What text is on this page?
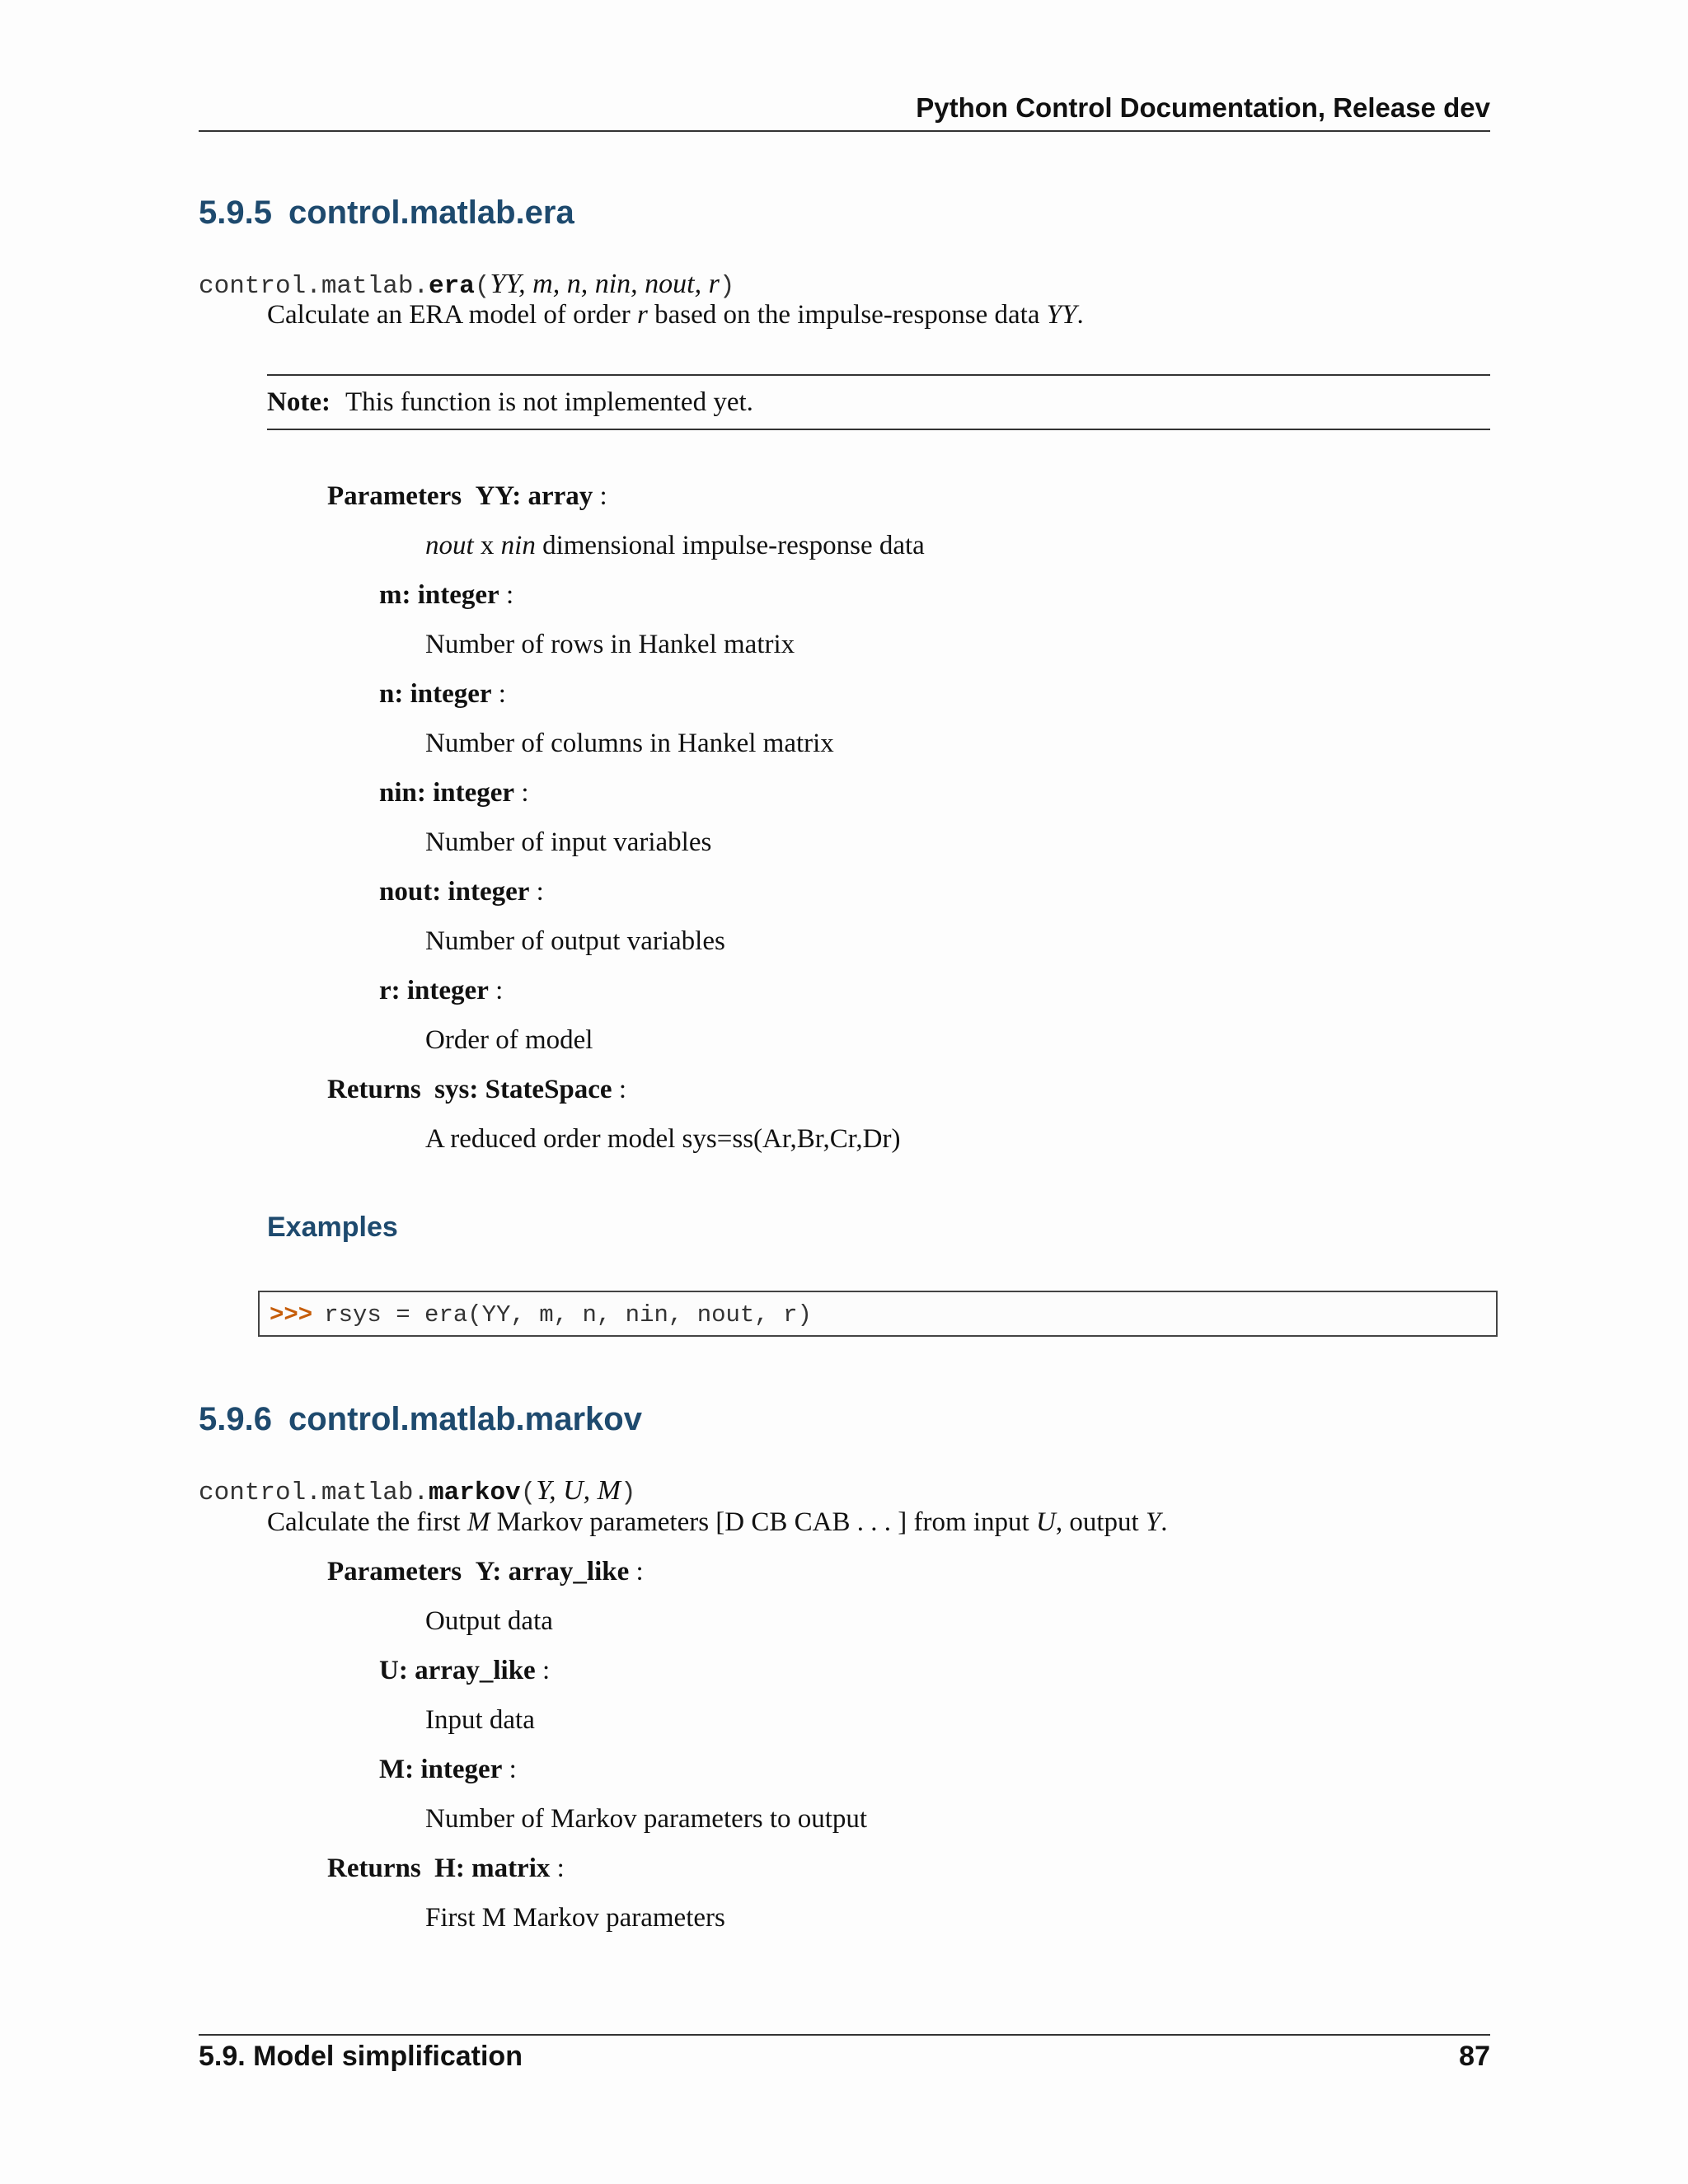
Python Control Documentation, Release dev
5.9.5 control.matlab.era
control.matlab.era(YY, m, n, nin, nout, r)
Calculate an ERA model of order r based on the impulse-response data YY.
Note: This function is not implemented yet.
Parameters YY: array :
nout x nin dimensional impulse-response data
m: integer :
Number of rows in Hankel matrix
n: integer :
Number of columns in Hankel matrix
nin: integer :
Number of input variables
nout: integer :
Number of output variables
r: integer :
Order of model
Returns sys: StateSpace :
A reduced order model sys=ss(Ar,Br,Cr,Dr)
Examples
>>> rsys = era(YY, m, n, nin, nout, r)
5.9.6 control.matlab.markov
control.matlab.markov(Y, U, M)
Calculate the first M Markov parameters [D CB CAB . . . ] from input U, output Y.
Parameters Y: array_like :
Output data
U: array_like :
Input data
M: integer :
Number of Markov parameters to output
Returns H: matrix :
First M Markov parameters
5.9. Model simplification	87
